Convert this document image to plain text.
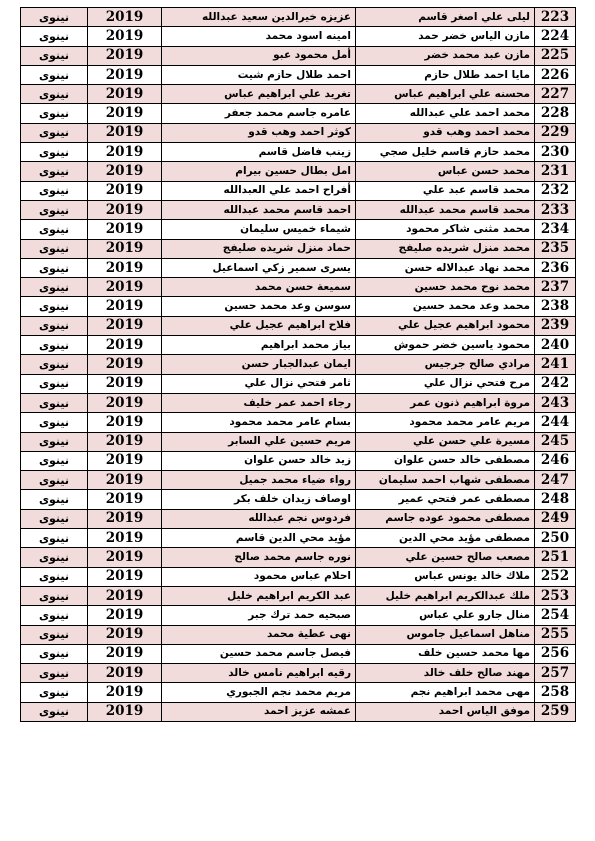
223	ليلى علي اصغر قاسم	عزيزه خيرالدين سعيد عبدالله	2019	نينوى
224	مازن الياس خضر حمد	امينه اسود محمد	2019	نينوى
225	مازن عبد محمد خضر	أمل محمود عبو	2019	نينوى
226	مايا احمد طلال حازم	احمد طلال حازم شيت	2019	نينوى
227	محسنه علي ابراهيم عباس	تغريد علي ابراهيم عباس	2019	نينوى
228	محمد احمد علي عبدالله	عامره جاسم محمد جعفر	2019	نينوى
229	محمد احمد وهب قدو	كوثر احمد وهب قدو	2019	نينوى
230	محمد حازم قاسم خليل صجي	زينب فاضل قاسم	2019	نينوى
231	محمد حسن عباس	امل بطال حسين بيرام	2019	نينوى
232	محمد قاسم عبد علي	أفراح احمد علي العبدالله	2019	نينوى
233	محمد قاسم محمد عبدالله	احمد قاسم محمد عبدالله	2019	نينوى
234	محمد مثنى شاكر محمود	شيماء خميس سليمان	2019	نينوى
235	محمد منزل شريده صليفج	حماد منزل شريده صليفج	2019	نينوى
236	محمد نهاد عبدالاله حسن	يسرى سمير زكي اسماعيل	2019	نينوى
237	محمد نوح محمد حسين	سميعة حسن محمد	2019	نينوى
238	محمد وعد محمد حسين	سوسن وعد محمد حسين	2019	نينوى
239	محمود ابراهيم عجيل علي	فلاح ابراهيم عجيل علي	2019	نينوى
240	محمود ياسين خضر حموش	بياز محمد ابراهيم	2019	نينوى
241	مرادي صالح جرجيس	ايمان عبدالجبار حسن	2019	نينوى
242	مرح فتحي نزال علي	ثامر فتحي نزال علي	2019	نينوى
243	مروة ابراهيم ذنون عمر	رجاء احمد عمر خليف	2019	نينوى
244	مريم عامر محمد محمود	بسام عامر محمد محمود	2019	نينوى
245	مسيرة علي حسن علي	مريم حسين علي السابر	2019	نينوى
246	مصطفى خالد حسن علوان	زيد خالد حسن علوان	2019	نينوى
247	مصطفى شهاب احمد سليمان	رواء ضياء محمد جميل	2019	نينوى
248	مصطفى عمر فتحي عمير	اوصاف زيدان خلف بكر	2019	نينوى
249	مصطفى محمود عوده جاسم	فردوس نجم عبدالله	2019	نينوى
250	مصطفى مؤيد محي الدين	مؤيد محي الدين قاسم	2019	نينوى
251	مصعب صالح حسين علي	نوره جاسم محمد صالح	2019	نينوى
252	ملاك خالد يونس عباس	احلام عباس محمود	2019	نينوى
253	ملك عبدالكريم ابراهيم خليل	عبد الكريم ابراهيم خليل	2019	نينوى
254	منال جارو علي عباس	صبحيه حمد ترك جبر	2019	نينوى
255	مناهل اسماعيل جاموس	نهى عطية محمد	2019	نينوى
256	مها محمد حسين خلف	فيصل جاسم محمد حسين	2019	نينوى
257	مهند صالح خلف خالد	رقيه ابراهيم نامس خالد	2019	نينوى
258	مهى محمد ابراهيم نجم	مريم محمد نجم الجبوري	2019	نينوى
259	موفق الياس احمد	عمشه عزيز احمد	2019	نينوى
